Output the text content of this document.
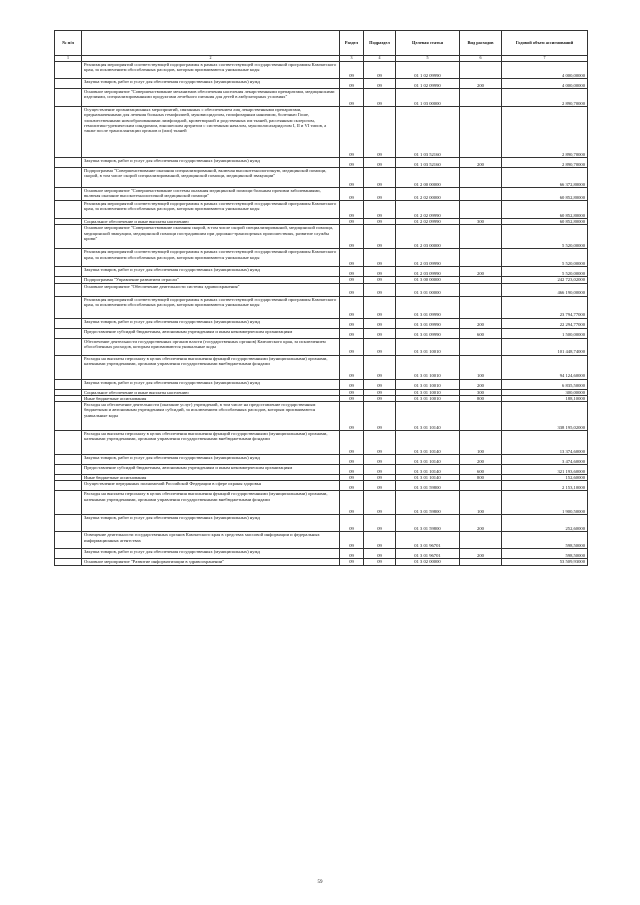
№ п/п		Раздел	Подраздел	Целевая статья	Вид расходов	Годовой объем ассигнований
1	2	3	4	5	6	7
	Реализация мероприятий соответствующей подпрограммы в рамках соответствующей государственной программы Камчатского края, за исключением обособленных расходов, которым присваиваются уникальные коды	09	09	01 1 02 09990		4 000,00000
	Закупка товаров, работ и услуг для обеспечения государственных (муниципальных) нужд	09	09	01 1 02 09990	200	4 000,00000
	Основное мероприятие "Совершенствование механизмов обеспечения населения лекарственными препаратами, медицинскими изделиями, специализированными продуктами лечебного питания для детей в амбулаторных условиях"	09	09	01 1 03 00000		2 890,70000
	Осуществление организационных мероприятий, связанных с обеспечением лиц лекарственными препаратами, предназначенными для лечения больных гемофилией, муковисцидозом, гипофизарным нанизмом, болезнью Гоше, злокачественными новообразованиями лимфоидной, кроветворной и родственных им тканей, рассеянным склерозом, гемолитико-уремическим синдромом, юношеским артритом с системным началом, мукополисахаридозом I, II и VI типов, а также после трансплантации органов и (или) тканей	09	09	01 1 03 52160		2 890,70000
	Закупка товаров, работ и услуг для обеспечения государственных (муниципальных) нужд	09	09	01 1 03 52160	200	2 890,70000
	Подпрограмма "Совершенствование оказания специализированной, включая высокотехнологичную, медицинской помощи, скорой, в том числе скорой специализированной, медицинской помощи, медицинской эвакуации"	09	09	01 2 00 00000		66 372,80000
	Основное мероприятие "Совершенствование системы оказания медицинской помощи больным прочими заболеваниями, включая оказание высокотехнологичной медицинской помощи"	09	09	01 2 02 00000		60 852,80000
	Реализация мероприятий соответствующей подпрограммы в рамках соответствующей государственной программы Камчатского края, за исключением обособленных расходов, которым присваиваются уникальные коды	09	09	01 2 02 09990		60 852,80000
	Социальное обеспечение и иные выплаты населению	09	09	01 2 02 09990	300	60 852,80000
	Основное мероприятие "Совершенствование оказания скорой, в том числе скорой специализированной, медицинской помощи, медицинской эвакуации, медицинской помощи пострадавшим при дорожно-транспортных происшествиях, развитие службы крови"	09	09	01 2 03 00000		5 520,00000
	Реализация мероприятий соответствующей подпрограммы в рамках соответствующей государственной программы Камчатского края, за исключением обособленных расходов, которым присваиваются уникальные коды	09	09	01 2 03 09990		5 520,00000
	Закупка товаров, работ и услуг для обеспечения государственных (муниципальных) нужд	09	09	01 2 03 09990	200	5 520,00000
	Подпрограмма "Управление развитием отрасли"	09	09	01 3 00 00000		242 723,02000
	Основное мероприятие "Обеспечение деятельности системы здравоохранения"	09	09	01 3 01 00000		466 190,00000
	Реализация мероприятий соответствующей подпрограммы в рамках соответствующей государственной программы Камчатского края, за исключением обособленных расходов, которым присваиваются уникальные коды	09	09	01 3 01 09990		23 794,77000
	Закупка товаров, работ и услуг для обеспечения государственных (муниципальных) нужд	09	09	01 3 01 09990	200	22 294,77000
	Предоставление субсидий бюджетным, автономным учреждениям и иным некоммерческим организациям	09	09	01 3 01 09990	600	1 500,00000
	Обеспечение деятельности государственных органов власти (государственных органов) Камчатского края, за исключением обособленных расходов, которым присваиваются уникальные коды	09	09	01 3 01 10010		101 448,74000
	Расходы на выплаты персоналу в целях обеспечения выполнения функций государственными (муниципальными) органами, казенными учреждениями, органами управления государственными внебюджетными фондами	09	09	01 3 01 10010	100	94 124,60000
	Закупка товаров, работ и услуг для обеспечения государственных (муниципальных) нужд	09	09	01 3 01 10010	200	6 835,50000
	Социальное обеспечение и иные выплаты населению	09	09	01 3 01 10010	300	300,00000
	Иные бюджетные ассигнования	09	09	01 3 01 10010	800	188,10000
	Расходы на обеспечение деятельности (оказание услуг) учреждений, в том числе на предоставление государственным бюджетным и автономным учреждениям субсидий, за исключением обособленных расходов, которым присваиваются уникальные коды	09	09	01 3 01 10140		338 195,02000
	Расходы на выплаты персоналу в целях обеспечения выполнения функций государственными (муниципальными) органами, казенными учреждениями, органами управления государственными внебюджетными фондами	09	09	01 3 01 10140	100	13 374,60000
	Закупка товаров, работ и услуг для обеспечения государственных (муниципальных) нужд	09	09	01 3 01 10140	200	3 474,60000
	Предоставление субсидий бюджетным, автономным учреждениям и иным некоммерческим организациям	09	09	01 3 01 10140	600	321 193,60000
	Иные бюджетные ассигнования	09	09	01 3 01 10140	800	152,60000
	Осуществление переданных полномочий Российской Федерации в сфере охраны здоровья	09	09	01 3 01 59800		2 153,10000
	Расходы на выплаты персоналу в целях обеспечения выполнения функций государственными (муниципальными) органами, казенными учреждениями, органами управления государственными внебюджетными фондами	09	09	01 3 01 59800	100	1 900,50000
	Закупка товаров, работ и услуг для обеспечения государственных (муниципальных) нужд	09	09	01 3 01 59800	200	252,60000
	Освещение деятельности государственных органов Камчатского края в средствах массовой информации и федеральных информационных агентствах	09	09	01 3 01 96701		598,50000
	Закупка товаров, работ и услуг для обеспечения государственных (муниципальных) нужд	09	09	01 3 01 96701	200	598,50000
	Основное мероприятие "Развитие информатизации в здравоохранении"	09	09	01 3 02 00000		53 509,93000
59
